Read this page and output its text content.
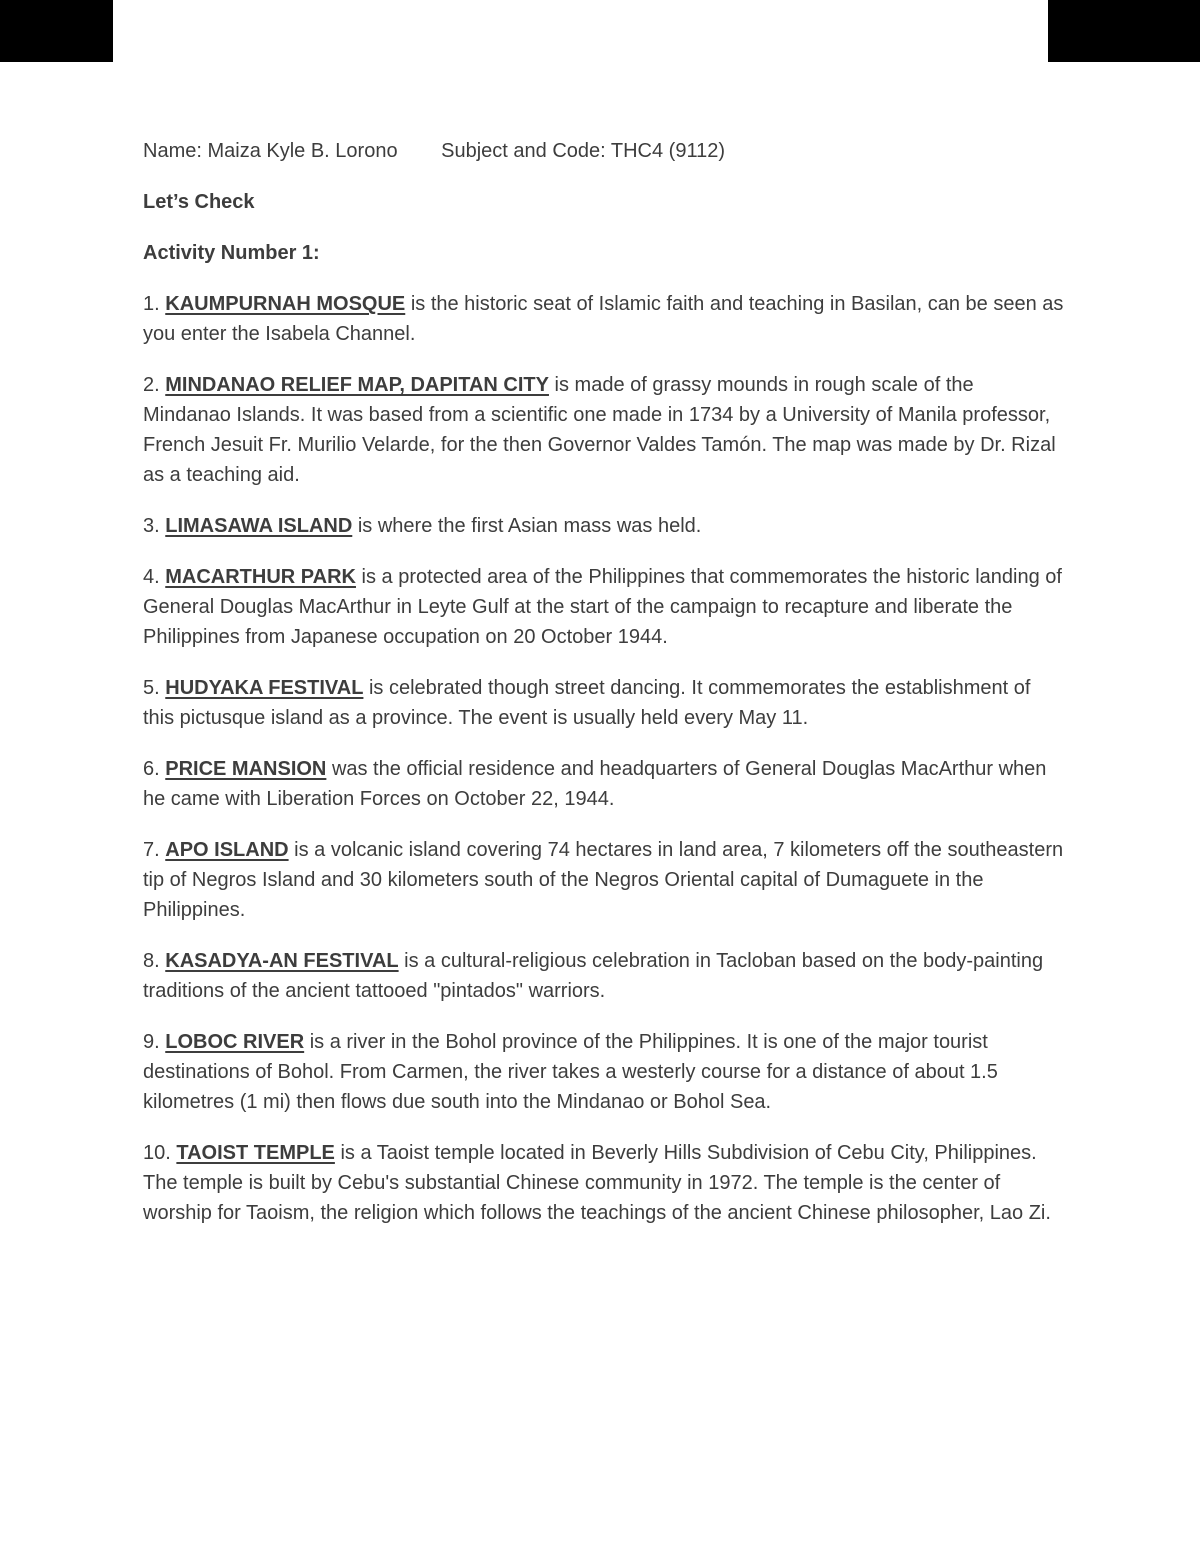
Name: Maiza Kyle B. Lorono Subject and Code: THC4 (9112)

Let’s Check

Activity Number 1:

1. KAUMPURNAH MOSQUE is the historic seat of Islamic faith and teaching in Basilan, can be seen as you enter the Isabela Channel.

2. MINDANAO RELIEF MAP, DAPITAN CITY is made of grassy mounds in rough scale of the Mindanao Islands. It was based from a scientific one made in 1734 by a University of Manila professor, French Jesuit Fr. Murilio Velarde, for the then Governor Valdes Tamón. The map was made by Dr. Rizal as a teaching aid.

3. LIMASAWA ISLAND is where the first Asian mass was held.

4. MACARTHUR PARK is a protected area of the Philippines that commemorates the historic landing of General Douglas MacArthur in Leyte Gulf at the start of the campaign to recapture and liberate the Philippines from Japanese occupation on 20 October 1944.

5. HUDYAKA FESTIVAL is celebrated though street dancing. It commemorates the establishment of this pictusque island as a province. The event is usually held every May 11.

6. PRICE MANSION was the official residence and headquarters of General Douglas MacArthur when he came with Liberation Forces on October 22, 1944.

7. APO ISLAND is a volcanic island covering 74 hectares in land area, 7 kilometers off the southeastern tip of Negros Island and 30 kilometers south of the Negros Oriental capital of Dumaguete in the Philippines.

8. KASADYA-AN FESTIVAL is a cultural-religious celebration in Tacloban based on the body-painting traditions of the ancient tattooed "pintados" warriors.

9. LOBOC RIVER is a river in the Bohol province of the Philippines. It is one of the major tourist destinations of Bohol. From Carmen, the river takes a westerly course for a distance of about 1.5 kilometres (1 mi) then flows due south into the Mindanao or Bohol Sea.

10. TAOIST TEMPLE is a Taoist temple located in Beverly Hills Subdivision of Cebu City, Philippines. The temple is built by Cebu's substantial Chinese community in 1972. The temple is the center of worship for Taoism, the religion which follows the teachings of the ancient Chinese philosopher, Lao Zi.
